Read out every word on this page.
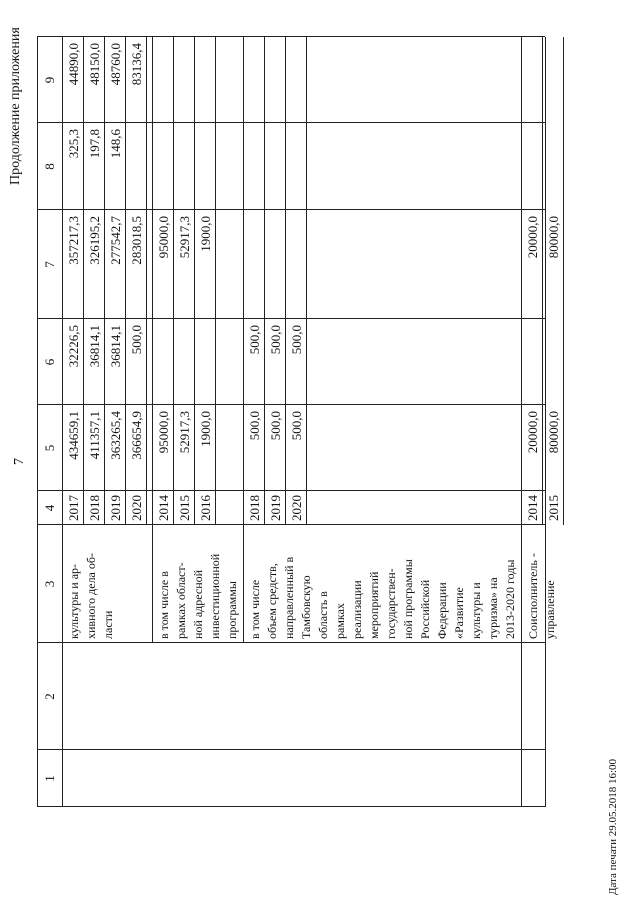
7
Продолжение приложения
Дата печати 29.05.2018 16:00
1
2
3
4
5
6
7
8
9
культуры и ар- хивного дела об- ласти
2017
434659,1
32226,5
357217,3
325,3
44890,0
2018
411357,1
36814,1
326195,2
197,8
48150,0
2019
363265,4
36814,1
277542,7
148,6
48760,0
2020
366654,9
500,0
283018,5
83136,4
в том числе в рамках област- ной адресной инвестиционной программы
2014
95000,0
95000,0
2015
52917,3
52917,3
2016
1900,0
1900,0
в том числе объем средств, направленный в Тамбовскую область в рамках реализации мероприятий государствен- ной программы Российской Федерации «Развитие культуры и туризма» на 2013-2020 годы
2018
500,0
500,0
2019
500,0
500,0
2020
500,0
500,0
Соисполнитель - управление
2014
20000,0
20000,0
2015
80000,0
80000,0
